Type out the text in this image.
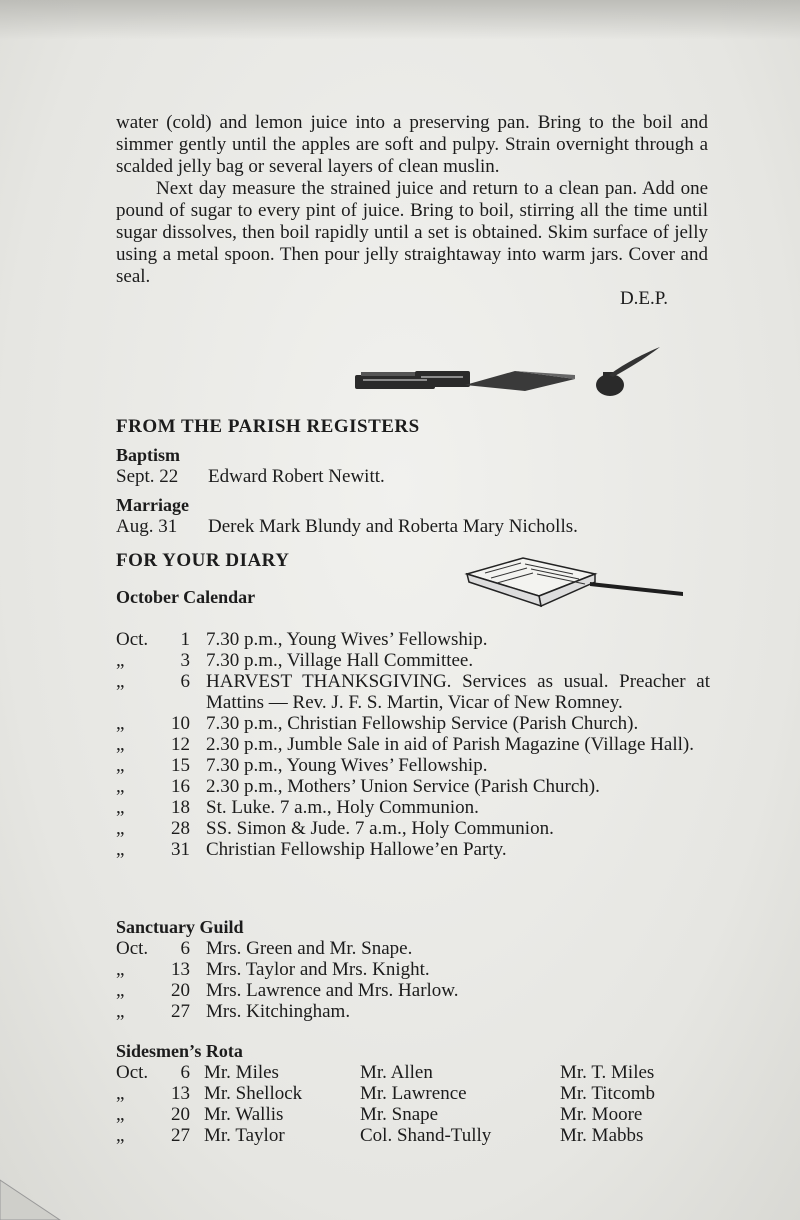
water (cold) and lemon juice into a preserving pan. Bring to the boil and simmer gently until the apples are soft and pulpy. Strain overnight through a scalded jelly bag or several layers of clean muslin.

Next day measure the strained juice and return to a clean pan. Add one pound of sugar to every pint of juice. Bring to boil, stirring all the time until sugar dissolves, then boil rapidly until a set is obtained. Skim surface of jelly using a metal spoon. Then pour jelly straightaway into warm jars. Cover and seal.

D.E.P.

FROM THE PARISH REGISTERS

Baptism

Sept. 22	Edward Robert Newitt.

Marriage

Aug. 31	Derek Mark Blundy and Roberta Mary Nicholls.

FOR YOUR DIARY

October Calendar

Oct.	1 7.30 p.m., Young Wives’ Fellowship.
„	3 7.30 p.m., Village Hall Committee.
„	6 HARVEST THANKSGIVING. Services as usual. Preacher at Mattins — Rev. J. F. S. Martin, Vicar of New Romney.
„	10 7.30 p.m., Christian Fellowship Service (Parish Church).
„	12 2.30 p.m., Jumble Sale in aid of Parish Magazine (Village Hall).
„	15 7.30 p.m., Young Wives’ Fellowship.
„	16 2.30 p.m., Mothers’ Union Service (Parish Church).
„	18 St. Luke. 7 a.m., Holy Communion.
„	28 SS. Simon & Jude. 7 a.m., Holy Communion.
„	31 Christian Fellowship Hallowe’en Party.

Sanctuary Guild

Oct.	6 Mrs. Green and Mr. Snape.
„	13 Mrs. Taylor and Mrs. Knight.
„	20 Mrs. Lawrence and Mrs. Harlow.
„	27 Mrs. Kitchingham.

Sidesmen’s Rota

Oct.	6 Mr. Miles	Mr. Allen	Mr. T. Miles
„	13 Mr. Shellock	Mr. Lawrence	Mr. Titcomb
„	20 Mr. Wallis	Mr. Snape	Mr. Moore
„	27 Mr. Taylor	Col. Shand-Tully	Mr. Mabbs
